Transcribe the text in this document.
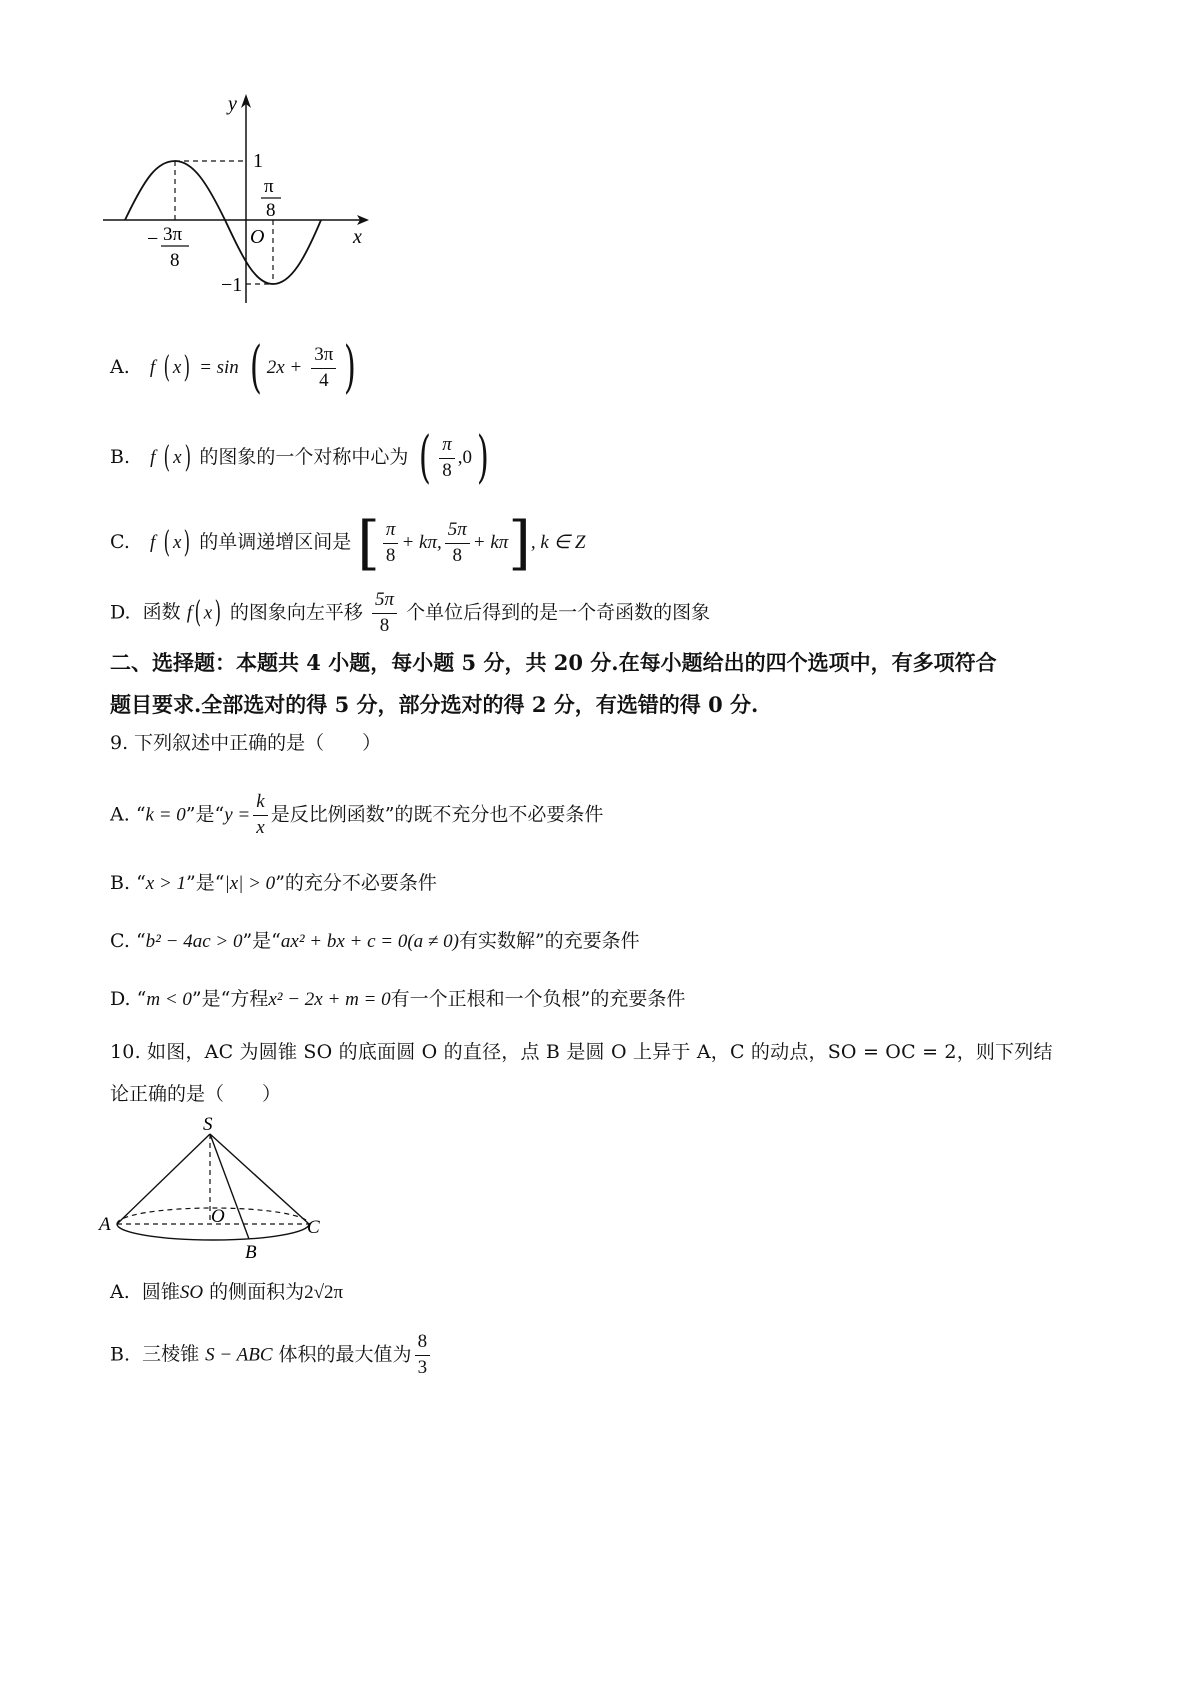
y
x
O
1
−1
− 3π
8
π
8
A. f ( x) = sin ( $2x + \frac{3\pi}{4}$ )
B. f ( x) 的图象的一个对称中心为 ( $\frac{\pi}{8} ,0$)
C. f ( x) 的单调递增区间是 [ $\frac{\pi}{8} + k\pi$, $\frac{5\pi}{8} + k\pi$], k ∈ Z
D. 函数 f( x) 的图象向左平移 $\frac{5\pi}{8}$ 个单位后得到的是一个奇函数的图象
二、选择题：本题共 4 小题，每小题 5 分，共 20 分.在每小题给出的四个选项中，有多项符合
题目要求.全部选对的得 5 分，部分选对的得 2 分，有选错的得 0 分.
9. 下列叙述中正确的是（　　）
A. “k = 0”是“$y = \frac{k}{x}$ 是反比例函数”的既不充分也不必要条件
B. “x > 1”是“|x| > 0”的充分不必要条件
C. “b² − 4ac > 0”是“ax² + bx + c = 0(a ≠ 0)有实数解”的充要条件
D. “m < 0”是“方程x² − 2x + m = 0有一个正根和一个负根”的充要条件
10. 如图，AC 为圆锥 SO 的底面圆 O 的直径，点 B 是圆 O 上异于 A，C 的动点，SO = OC = 2，则下列结
论正确的是（　　）
S
O
A	C
B
A. 圆锥SO 的侧面积为2√2π
B. 三棱锥 S − ABC 体积的最大值为 $\frac{8}{3}$
